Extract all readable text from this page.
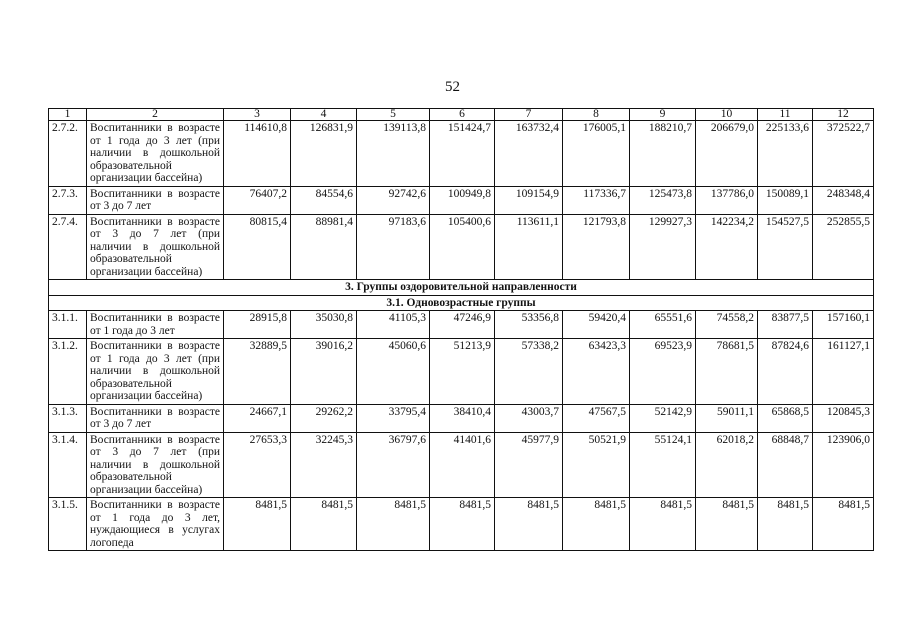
52
1	2	3	4	5	6	7	8	9	10	11	12
2.7.2.	Воспитанники в возрасте от 1 года до 3 лет (при наличии в дошкольной образовательной организации бассейна)	114610,8	126831,9	139113,8	151424,7	163732,4	176005,1	188210,7	206679,0	225133,6	372522,7
2.7.3.	Воспитанники в возрасте от 3 до 7 лет	76407,2	84554,6	92742,6	100949,8	109154,9	117336,7	125473,8	137786,0	150089,1	248348,4
2.7.4.	Воспитанники в возрасте от 3 до 7 лет (при наличии в дошкольной образовательной организации бассейна)	80815,4	88981,4	97183,6	105400,6	113611,1	121793,8	129927,3	142234,2	154527,5	252855,5
3. Группы оздоровительной направленности											
3.1. Одновозрастные группы											
3.1.1.	Воспитанники в возрасте от 1 года до 3 лет	28915,8	35030,8	41105,3	47246,9	53356,8	59420,4	65551,6	74558,2	83877,5	157160,1
3.1.2.	Воспитанники в возрасте от 1 года до 3 лет (при наличии в дошкольной образовательной организации бассейна)	32889,5	39016,2	45060,6	51213,9	57338,2	63423,3	69523,9	78681,5	87824,6	161127,1
3.1.3.	Воспитанники в возрасте от 3 до 7 лет	24667,1	29262,2	33795,4	38410,4	43003,7	47567,5	52142,9	59011,1	65868,5	120845,3
3.1.4.	Воспитанники в возрасте от 3 до 7 лет (при наличии в дошкольной образовательной организации бассейна)	27653,3	32245,3	36797,6	41401,6	45977,9	50521,9	55124,1	62018,2	68848,7	123906,0
3.1.5.	Воспитанники в возрасте от 1 года до 3 лет, нуждающиеся в услугах логопеда	8481,5	8481,5	8481,5	8481,5	8481,5	8481,5	8481,5	8481,5	8481,5	8481,5
